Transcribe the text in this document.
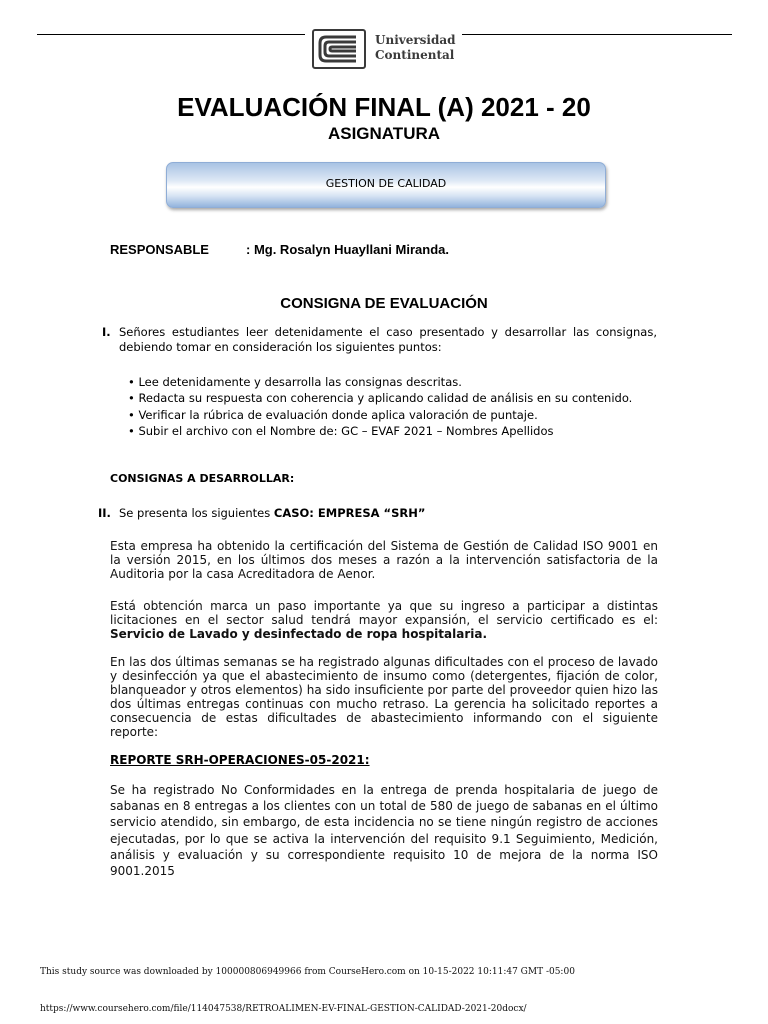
Universidad
Continental
EVALUACIÓN FINAL (A) 2021 - 20
ASIGNATURA
GESTION DE CALIDAD
RESPONSABLE	: Mg. Rosalyn Huayllani Miranda.
CONSIGNA DE EVALUACIÓN
I. Señores estudiantes leer detenidamente el caso presentado y desarrollar las consignas, debiendo tomar en consideración los siguientes puntos:
• Lee detenidamente y desarrolla las consignas descritas.
• Redacta su respuesta con coherencia y aplicando calidad de análisis en su contenido.
• Verificar la rúbrica de evaluación donde aplica valoración de puntaje.
• Subir el archivo con el Nombre de: GC – EVAF 2021 – Nombres Apellidos
CONSIGNAS A DESARROLLAR:
II. Se presenta los siguientes CASO: EMPRESA “SRH”
Esta empresa ha obtenido la certificación del Sistema de Gestión de Calidad ISO 9001 en la versión 2015, en los últimos dos meses a razón a la intervención satisfactoria de la Auditoria por la casa Acreditadora de Aenor.
Está obtención marca un paso importante ya que su ingreso a participar a distintas licitaciones en el sector salud tendrá mayor expansión, el servicio certificado es el: Servicio de Lavado y desinfectado de ropa hospitalaria.
En las dos últimas semanas se ha registrado algunas dificultades con el proceso de lavado y desinfección ya que el abastecimiento de insumo como (detergentes, fijación de color, blanqueador y otros elementos) ha sido insuficiente por parte del proveedor quien hizo las dos últimas entregas continuas con mucho retraso. La gerencia ha solicitado reportes a consecuencia de estas dificultades de abastecimiento informando con el siguiente reporte:
REPORTE SRH-OPERACIONES-05-2021:
Se ha registrado No Conformidades en la entrega de prenda hospitalaria de juego de sabanas en 8 entregas a los clientes con un total de 580 de juego de sabanas en el último servicio atendido, sin embargo, de esta incidencia no se tiene ningún registro de acciones ejecutadas, por lo que se activa la intervención del requisito 9.1 Seguimiento, Medición, análisis y evaluación y su correspondiente requisito 10 de mejora de la norma ISO 9001.2015
This study source was downloaded by 100000806949966 from CourseHero.com on 10-15-2022 10:11:47 GMT -05:00
https://www.coursehero.com/file/114047538/RETROALIMEN-EV-FINAL-GESTION-CALIDAD-2021-20docx/
